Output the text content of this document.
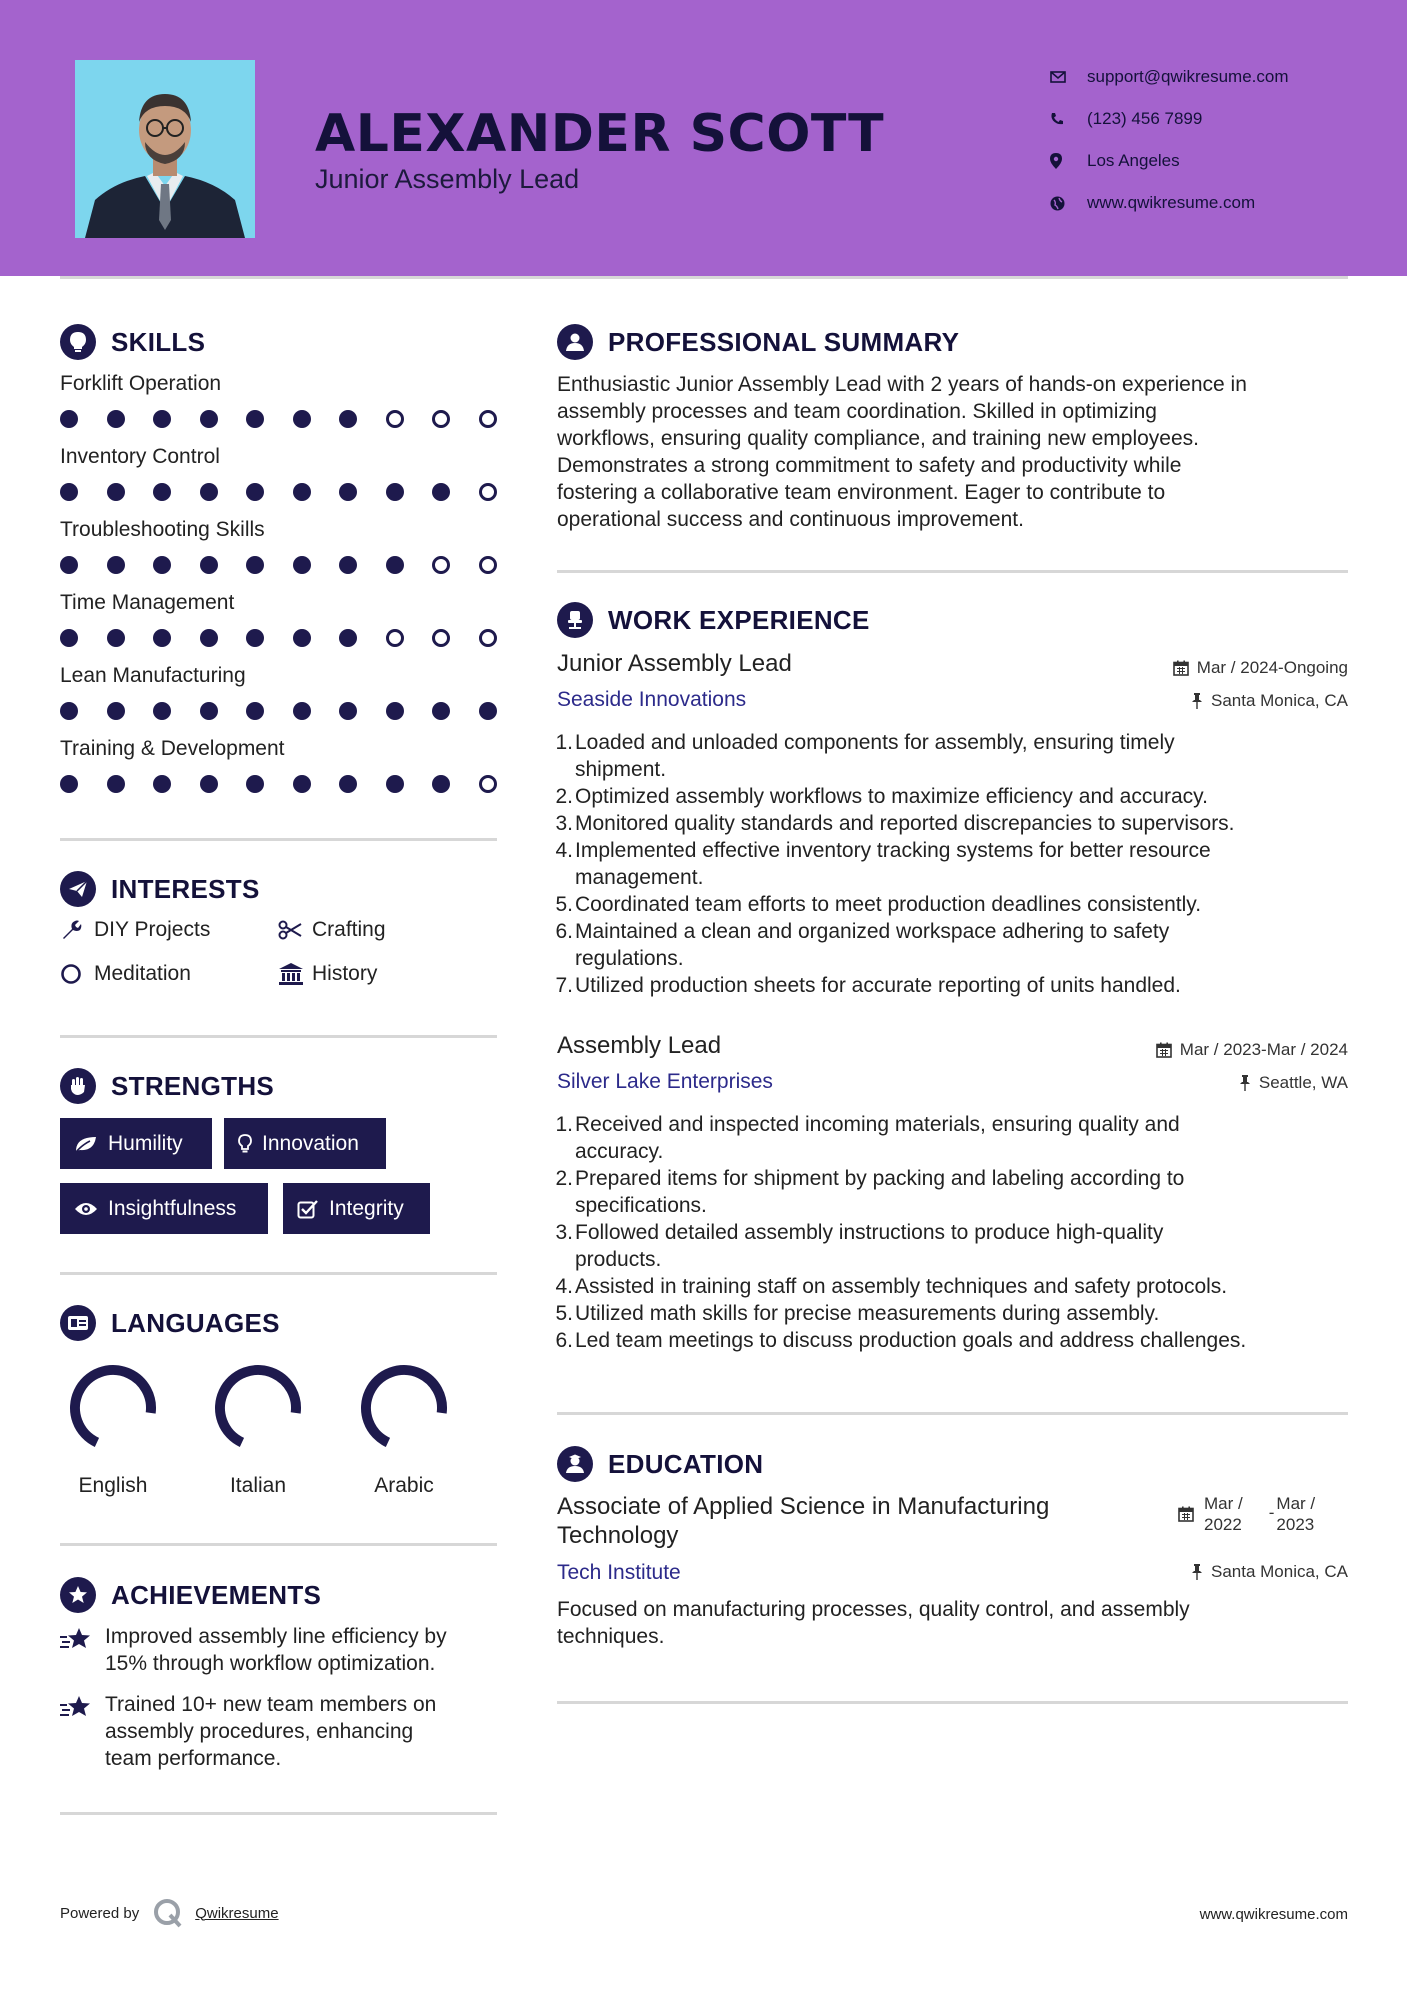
ALEXANDER SCOTT
Junior Assembly Lead
support@qwikresume.com
(123) 456 7899
Los Angeles
www.qwikresume.com
SKILLS
Forklift Operation
Inventory Control
Troubleshooting Skills
Time Management
Lean Manufacturing
Training & Development
INTERESTS
DIY Projects	Crafting
Meditation	History
STRENGTHS
Humility	Innovation
Insightfulness	Integrity
LANGUAGES
English	Italian	Arabic
ACHIEVEMENTS
Improved assembly line efficiency by
15% through workflow optimization.
Trained 10+ new team members on
assembly procedures, enhancing
team performance.
PROFESSIONAL SUMMARY
Enthusiastic Junior Assembly Lead with 2 years of hands-on experience in
assembly processes and team coordination. Skilled in optimizing
workflows, ensuring quality compliance, and training new employees.
Demonstrates a strong commitment to safety and productivity while
fostering a collaborative team environment. Eager to contribute to
operational success and continuous improvement.
WORK EXPERIENCE
Junior Assembly Lead	Mar / 2024-Ongoing
Seaside Innovations	Santa Monica, CA
1. Loaded and unloaded components for assembly, ensuring timely
shipment.
2. Optimized assembly workflows to maximize efficiency and accuracy.
3. Monitored quality standards and reported discrepancies to supervisors.
4. Implemented effective inventory tracking systems for better resource
management.
5. Coordinated team efforts to meet production deadlines consistently.
6. Maintained a clean and organized workspace adhering to safety
regulations.
7. Utilized production sheets for accurate reporting of units handled.
Assembly Lead	Mar / 2023-Mar / 2024
Silver Lake Enterprises	Seattle, WA
1. Received and inspected incoming materials, ensuring quality and
accuracy.
2. Prepared items for shipment by packing and labeling according to
specifications.
3. Followed detailed assembly instructions to produce high-quality
products.
4. Assisted in training staff on assembly techniques and safety protocols.
5. Utilized math skills for precise measurements during assembly.
6. Led team meetings to discuss production goals and address challenges.
EDUCATION
Associate of Applied Science in Manufacturing
Technology
Mar /
2022
- Mar /
2023
Tech Institute	Santa Monica, CA
Focused on manufacturing processes, quality control, and assembly
techniques.
Powered by	Qwikresume	www.qwikresume.com
